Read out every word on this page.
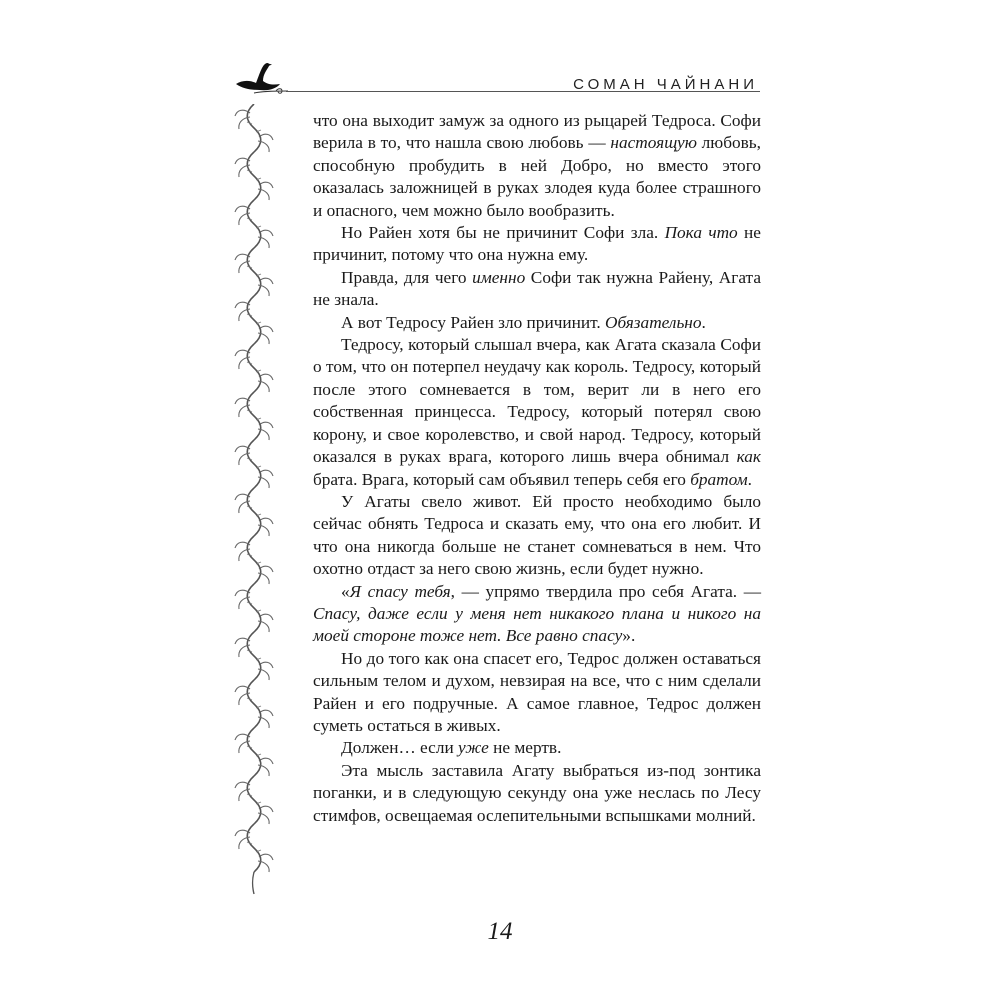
СОМАН ЧАЙНАНИ

что она выходит замуж за одного из рыцарей Тедроса. Софи верила в то, что нашла свою любовь — настоящую любовь, способную пробудить в ней Добро, но вместо этого оказалась заложницей в руках злодея куда более страшного и опасного, чем можно было вообразить.

Но Райен хотя бы не причинит Софи зла. Пока что не причинит, потому что она нужна ему.

Правда, для чего именно Софи так нужна Райену, Агата не знала.

А вот Тедросу Райен зло причинит. Обязательно.

Тедросу, который слышал вчера, как Агата сказала Софи о том, что он потерпел неудачу как король. Тедросу, который после этого сомневается в том, верит ли в него его собственная принцесса. Тедросу, который потерял свою корону, и свое королевство, и свой народ. Тедросу, который оказался в руках врага, которого лишь вчера обнимал как брата. Врага, который сам объявил теперь себя его братом.

У Агаты свело живот. Ей просто необходимо было сейчас обнять Тедроса и сказать ему, что она его любит. И что она никогда больше не станет сомневаться в нем. Что охотно отдаст за него свою жизнь, если будет нужно.

«Я спасу тебя, — упрямо твердила про себя Агата. — Спасу, даже если у меня нет никакого плана и никого на моей стороне тоже нет. Все равно спасу».

Но до того как она спасет его, Тедрос должен оставаться сильным телом и духом, невзирая на все, что с ним сделали Райен и его подручные. А самое главное, Тедрос должен суметь остаться в живых.

Должен… если уже не мертв.

Эта мысль заставила Агату выбраться из-под зонтика поганки, и в следующую секунду она уже неслась по Лесу стимфов, освещаемая ослепительными вспышками молний.

14
